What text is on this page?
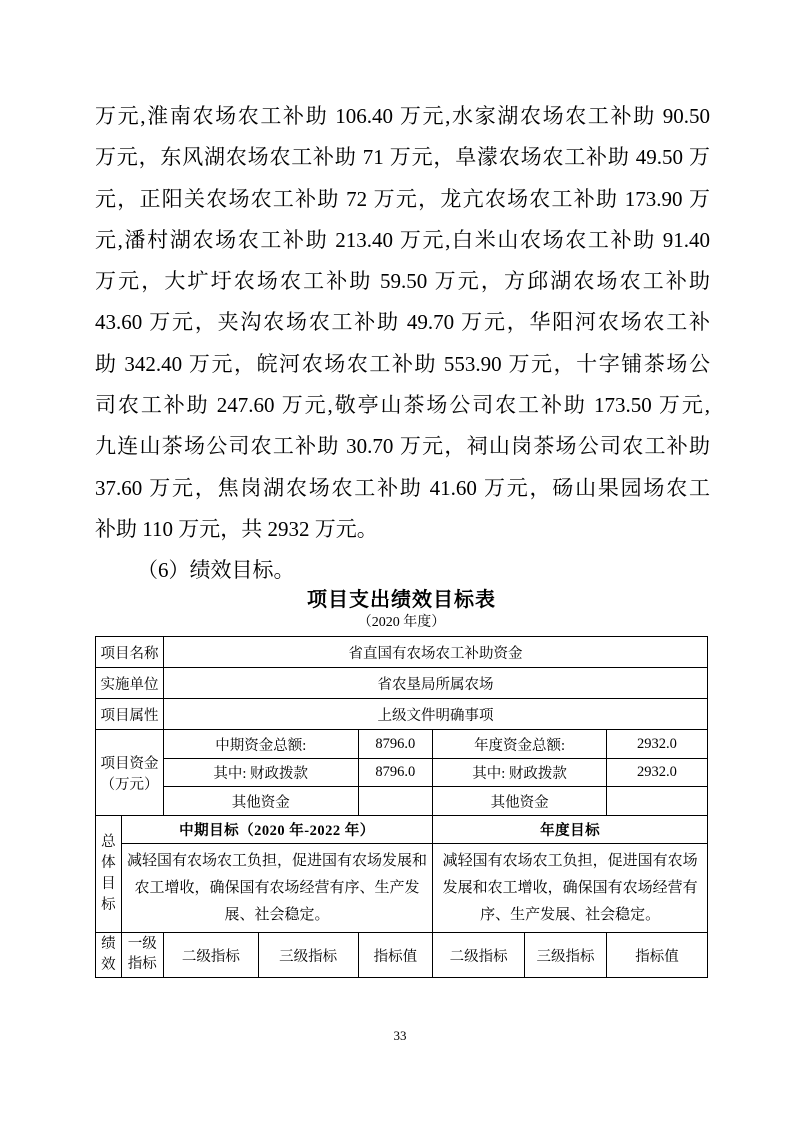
万元,淮南农场农工补助 106.40 万元,水家湖农场农工补助 90.50
万元，东风湖农场农工补助 71 万元，阜濛农场农工补助 49.50 万
元，正阳关农场农工补助 72 万元，龙亢农场农工补助 173.90 万
元,潘村湖农场农工补助 213.40 万元,白米山农场农工补助 91.40
万元，大圹圩农场农工补助 59.50 万元，方邱湖农场农工补助
43.60 万元，夹沟农场农工补助 49.70 万元，华阳河农场农工补
助 342.40 万元，皖河农场农工补助 553.90 万元，十字铺茶场公
司农工补助 247.60 万元,敬亭山茶场公司农工补助 173.50 万元,
九连山茶场公司农工补助 30.70 万元，祠山岗茶场公司农工补助
37.60 万元，焦岗湖农场农工补助 41.60 万元，砀山果园场农工
补助 110 万元，共 2932 万元。
（6）绩效目标。
项目支出绩效目标表
（2020 年度）
项目名称		省直国有农场农工补助资金					
实施单位		省农垦局所属农场					
项目属性		上级文件明确事项					
项目资金（万元）		中期资金总额:		8796.0	年度资金总额:		2932.0
		其中: 财政拨款		8796.0	其中: 财政拨款		2932.0
		其他资金			其他资金		
总体目标	中期目标（2020 年-2022 年）				年度目标		
	减轻国有农场农工负担，促进国有农场发展和农工增收，确保国有农场经营有序、生产发展、社会稳定。				减轻国有农场农工负担，促进国有农场发展和农工增收，确保国有农场经营有序、生产发展、社会稳定。		
绩效	一级指标	二级指标	三级指标	指标值	二级指标	三级指标	指标值
33
